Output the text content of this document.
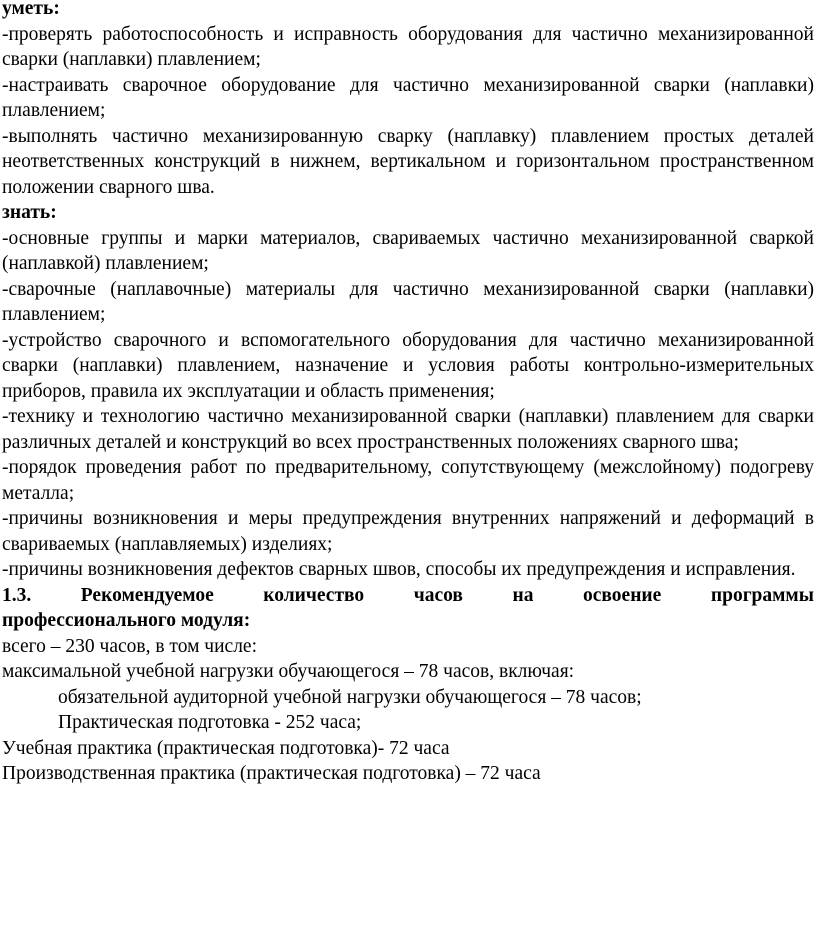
уметь:

-проверять работоспособность и исправность оборудования для частично механизированной сварки (наплавки) плавлением;

-настраивать сварочное оборудование для частично механизированной сварки (наплавки) плавлением;

-выполнять частично механизированную сварку (наплавку) плавлением простых деталей неответственных конструкций в нижнем, вертикальном и горизонтальном пространственном положении сварного шва.

знать:

-основные группы и марки материалов, свариваемых частично механизированной сваркой (наплавкой) плавлением;

-сварочные (наплавочные) материалы для частично механизированной сварки (наплавки) плавлением;

-устройство сварочного и вспомогательного оборудования для частично механизированной сварки (наплавки) плавлением, назначение и условия работы контрольно-измерительных приборов, правила их эксплуатации и область применения;

-технику и технологию частично механизированной сварки (наплавки) плавлением для сварки различных деталей и конструкций во всех пространственных положениях сварного шва;

-порядок проведения работ по предварительному, сопутствующему (межслойному) подогреву металла;

-причины возникновения и меры предупреждения внутренних напряжений и деформаций в свариваемых (наплавляемых) изделиях;

-причины возникновения дефектов сварных швов, способы их предупреждения и исправления.

1.3.	Рекомендуемое	количество	часов	на	освоение	программы

профессионального модуля:

всего – 230 часов, в том числе:

максимальной учебной нагрузки обучающегося – 78 часов, включая:

обязательной аудиторной учебной нагрузки обучающегося – 78 часов;

Практическая подготовка - 252 часа;

Учебная практика (практическая подготовка)- 72 часа

Производственная практика (практическая подготовка) – 72 часа
